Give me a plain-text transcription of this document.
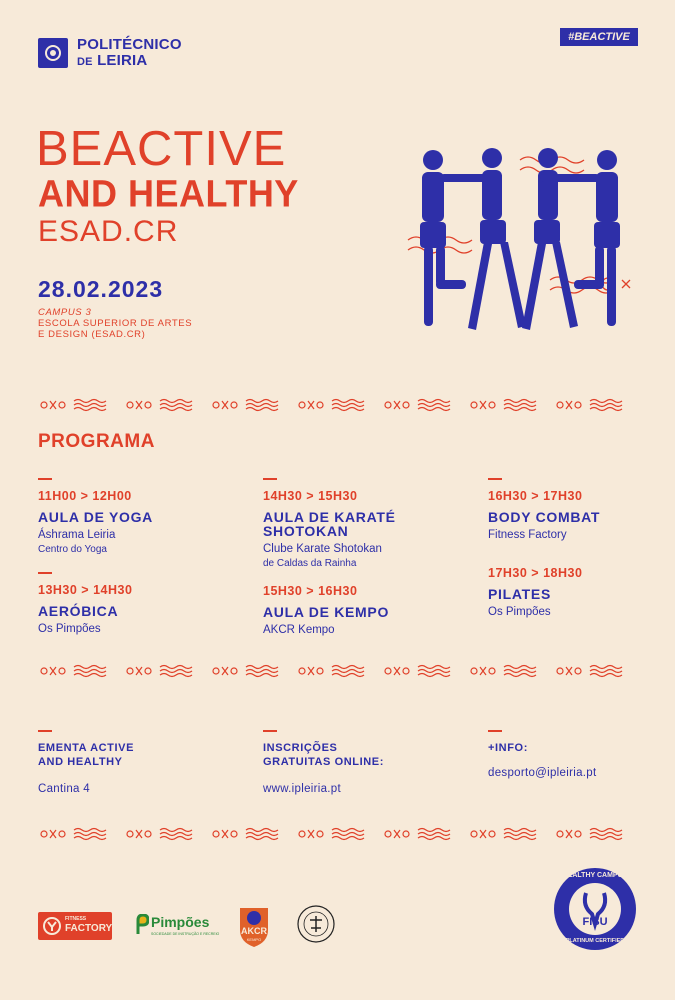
POLITÉCNICO
DE LEIRIA
#BEACTIVE
BEACTIVE
AND HEALTHY
ESAD.CR
28.02.2023
CAMPUS 3
ESCOLA SUPERIOR DE ARTES
E DESIGN (ESAD.CR)
PROGRAMA
11H00 > 12H00
AULA DE YOGA
Áshrama Leiria
Centro do Yoga
13H30 > 14H30
AERÓBICA
Os Pimpões
14H30 > 15H30
AULA DE KARATÉ
SHOTOKAN
Clube Karate Shotokan
de Caldas da Rainha
15H30 > 16H30
AULA DE KEMPO
AKCR Kempo
16H30 > 17H30
BODY COMBAT
Fitness Factory
17H30 > 18H30
PILATES
Os Pimpões
EMENTA ACTIVE
AND HEALTHY
Cantina 4
INSCRIÇÕES
GRATUITAS ONLINE:
www.ipleiria.pt
+INFO:
desporto@ipleiria.pt
FITNESS
FACTORY	Pimpões
SOCIEDADE DE INSTRUÇÃO E RECREIO	AKCR
KEMPO
HEALTHY CAMPUS
FISU
PLATINUM CERTIFIED
